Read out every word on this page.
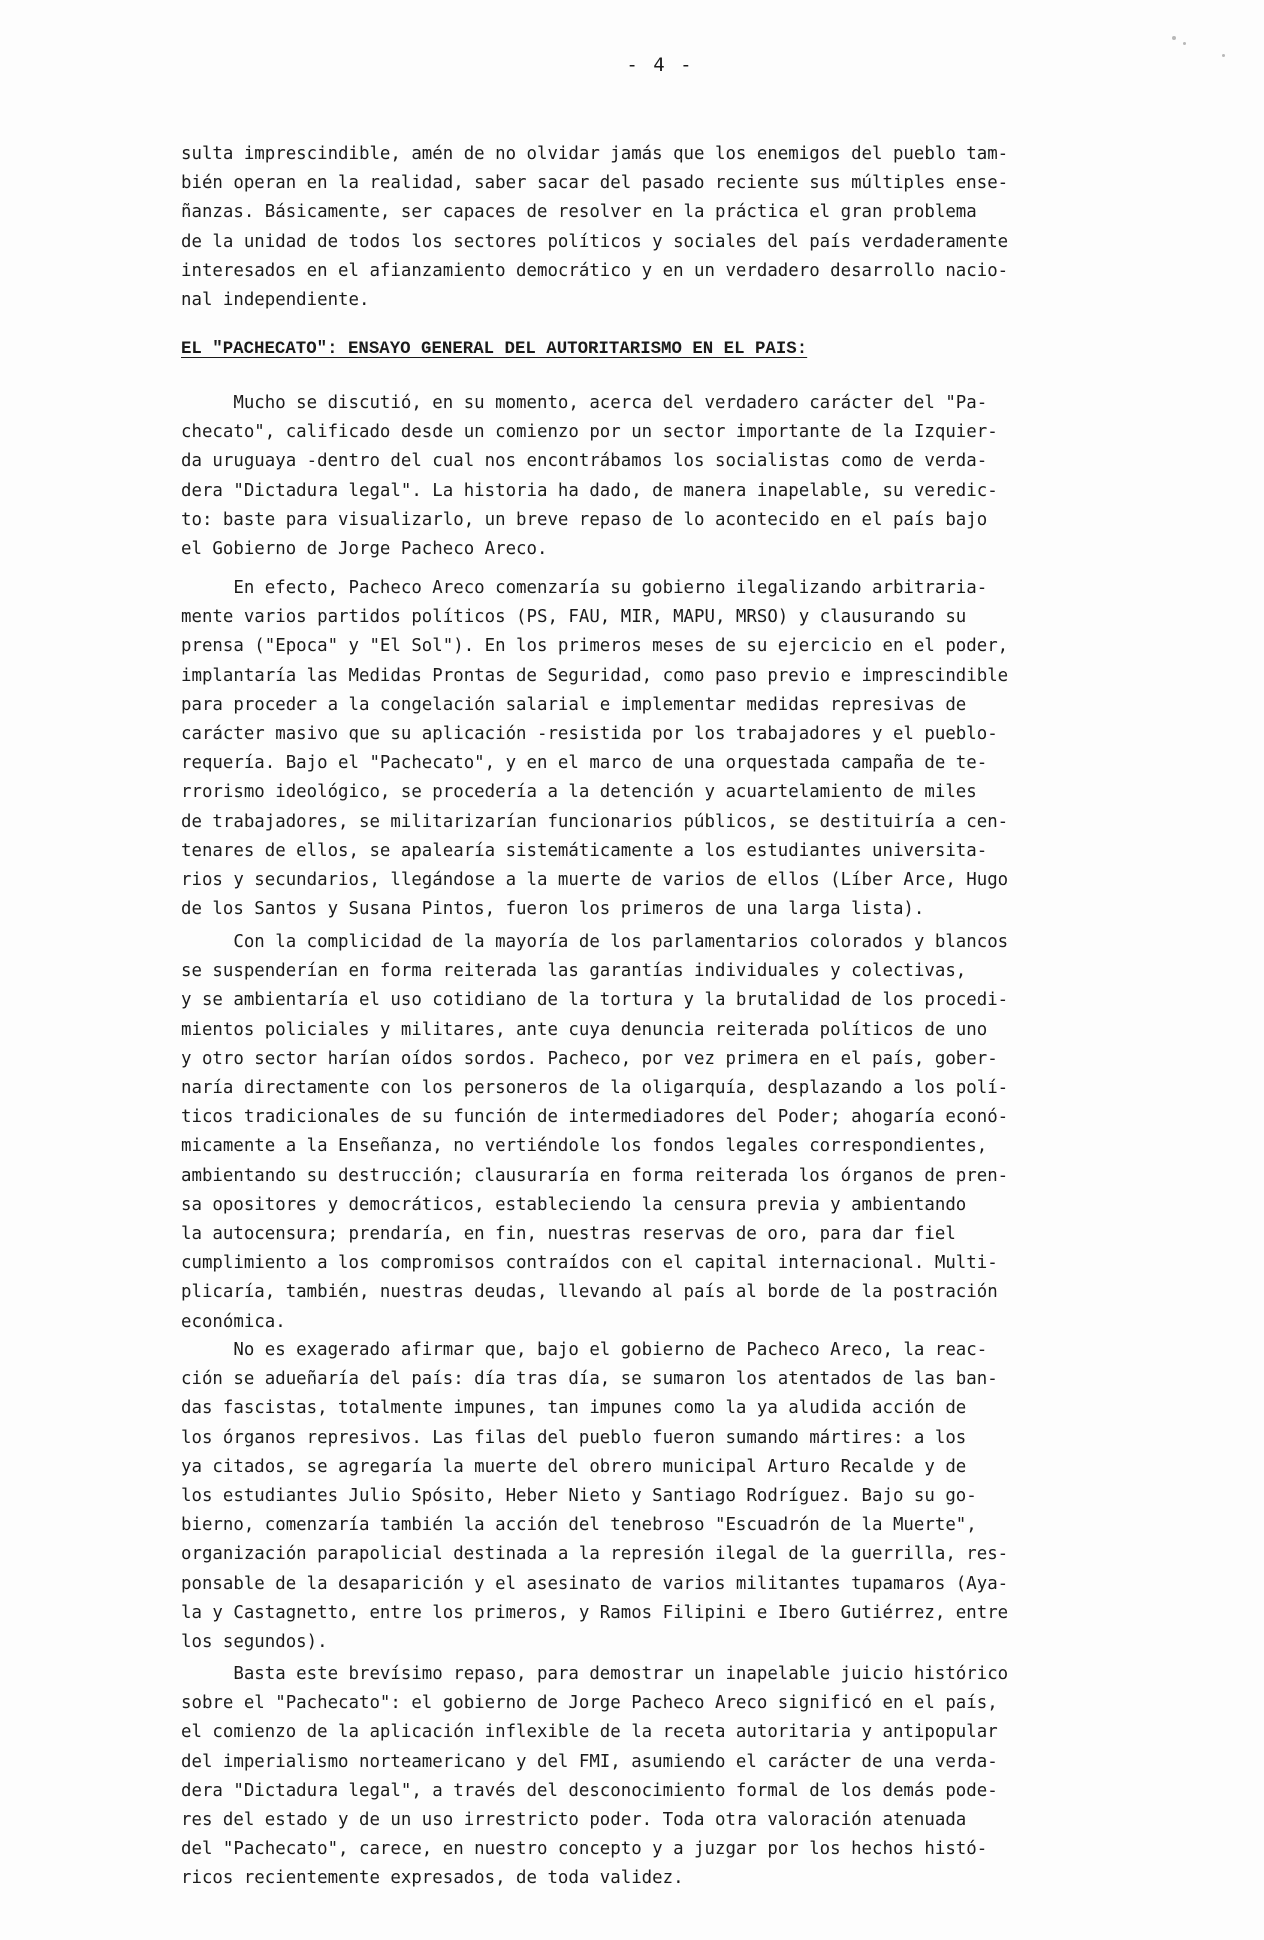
- 4 -

sulta imprescindible, amén de no olvidar jamás que los enemigos del pueblo tam-

bién operan en la realidad, saber sacar del pasado reciente sus múltiples ense-

ñanzas. Básicamente, ser capaces de resolver en la práctica el gran problema

de la unidad de todos los sectores políticos y sociales del país verdaderamente

interesados en el afianzamiento democrático y en un verdadero desarrollo nacio-

nal independiente.

EL "PACHECATO": ENSAYO GENERAL DEL AUTORITARISMO EN EL PAIS:

Mucho se discutió, en su momento, acerca del verdadero carácter del "Pa-

checato", calificado desde un comienzo por un sector importante de la Izquier-

da uruguaya -dentro del cual nos encontrábamos los socialistas como de verda-

dera "Dictadura legal". La historia ha dado, de manera inapelable, su veredic-

to: baste para visualizarlo, un breve repaso de lo acontecido en el país bajo

el Gobierno de Jorge Pacheco Areco.

En efecto, Pacheco Areco comenzaría su gobierno ilegalizando arbitraria-

mente varios partidos políticos (PS, FAU, MIR, MAPU, MRSO) y clausurando su

prensa ("Epoca" y "El Sol"). En los primeros meses de su ejercicio en el poder,

implantaría las Medidas Prontas de Seguridad, como paso previo e imprescindible

para proceder a la congelación salarial e implementar medidas represivas de

carácter masivo que su aplicación -resistida por los trabajadores y el pueblo-

requería. Bajo el "Pachecato", y en el marco de una orquestada campaña de te-

rrorismo ideológico, se procedería a la detención y acuartelamiento de miles

de trabajadores, se militarizarían funcionarios públicos, se destituiría a cen-

tenares de ellos, se apalearía sistemáticamente a los estudiantes universita-

rios y secundarios, llegándose a la muerte de varios de ellos (Líber Arce, Hugo

de los Santos y Susana Pintos, fueron los primeros de una larga lista).

Con la complicidad de la mayoría de los parlamentarios colorados y blancos

se suspenderían en forma reiterada las garantías individuales y colectivas,

y se ambientaría el uso cotidiano de la tortura y la brutalidad de los procedi-

mientos policiales y militares, ante cuya denuncia reiterada políticos de uno

y otro sector harían oídos sordos. Pacheco, por vez primera en el país, gober-

naría directamente con los personeros de la oligarquía, desplazando a los polí-

ticos tradicionales de su función de intermediadores del Poder; ahogaría econó-

micamente a la Enseñanza, no vertiéndole los fondos legales correspondientes,

ambientando su destrucción; clausuraría en forma reiterada los órganos de pren-

sa opositores y democráticos, estableciendo la censura previa y ambientando

la autocensura; prendaría, en fin, nuestras reservas de oro, para dar fiel

cumplimiento a los compromisos contraídos con el capital internacional. Multi-

plicaría, también, nuestras deudas, llevando al país al borde de la postración

económica.

No es exagerado afirmar que, bajo el gobierno de Pacheco Areco, la reac-

ción se adueñaría del país: día tras día, se sumaron los atentados de las ban-

das fascistas, totalmente impunes, tan impunes como la ya aludida acción de

los órganos represivos. Las filas del pueblo fueron sumando mártires: a los

ya citados, se agregaría la muerte del obrero municipal Arturo Recalde y de

los estudiantes Julio Spósito, Heber Nieto y Santiago Rodríguez. Bajo su go-

bierno, comenzaría también la acción del tenebroso "Escuadrón de la Muerte",

organización parapolicial destinada a la represión ilegal de la guerrilla, res-

ponsable de la desaparición y el asesinato de varios militantes tupamaros (Aya-

la y Castagnetto, entre los primeros, y Ramos Filipini e Ibero Gutiérrez, entre

los segundos).

Basta este brevísimo repaso, para demostrar un inapelable juicio histórico

sobre el "Pachecato": el gobierno de Jorge Pacheco Areco significó en el país,

el comienzo de la aplicación inflexible de la receta autoritaria y antipopular

del imperialismo norteamericano y del FMI, asumiendo el carácter de una verda-

dera "Dictadura legal", a través del desconocimiento formal de los demás pode-

res del estado y de un uso irrestricto poder. Toda otra valoración atenuada

del "Pachecato", carece, en nuestro concepto y a juzgar por los hechos histó-

ricos recientemente expresados, de toda validez.
